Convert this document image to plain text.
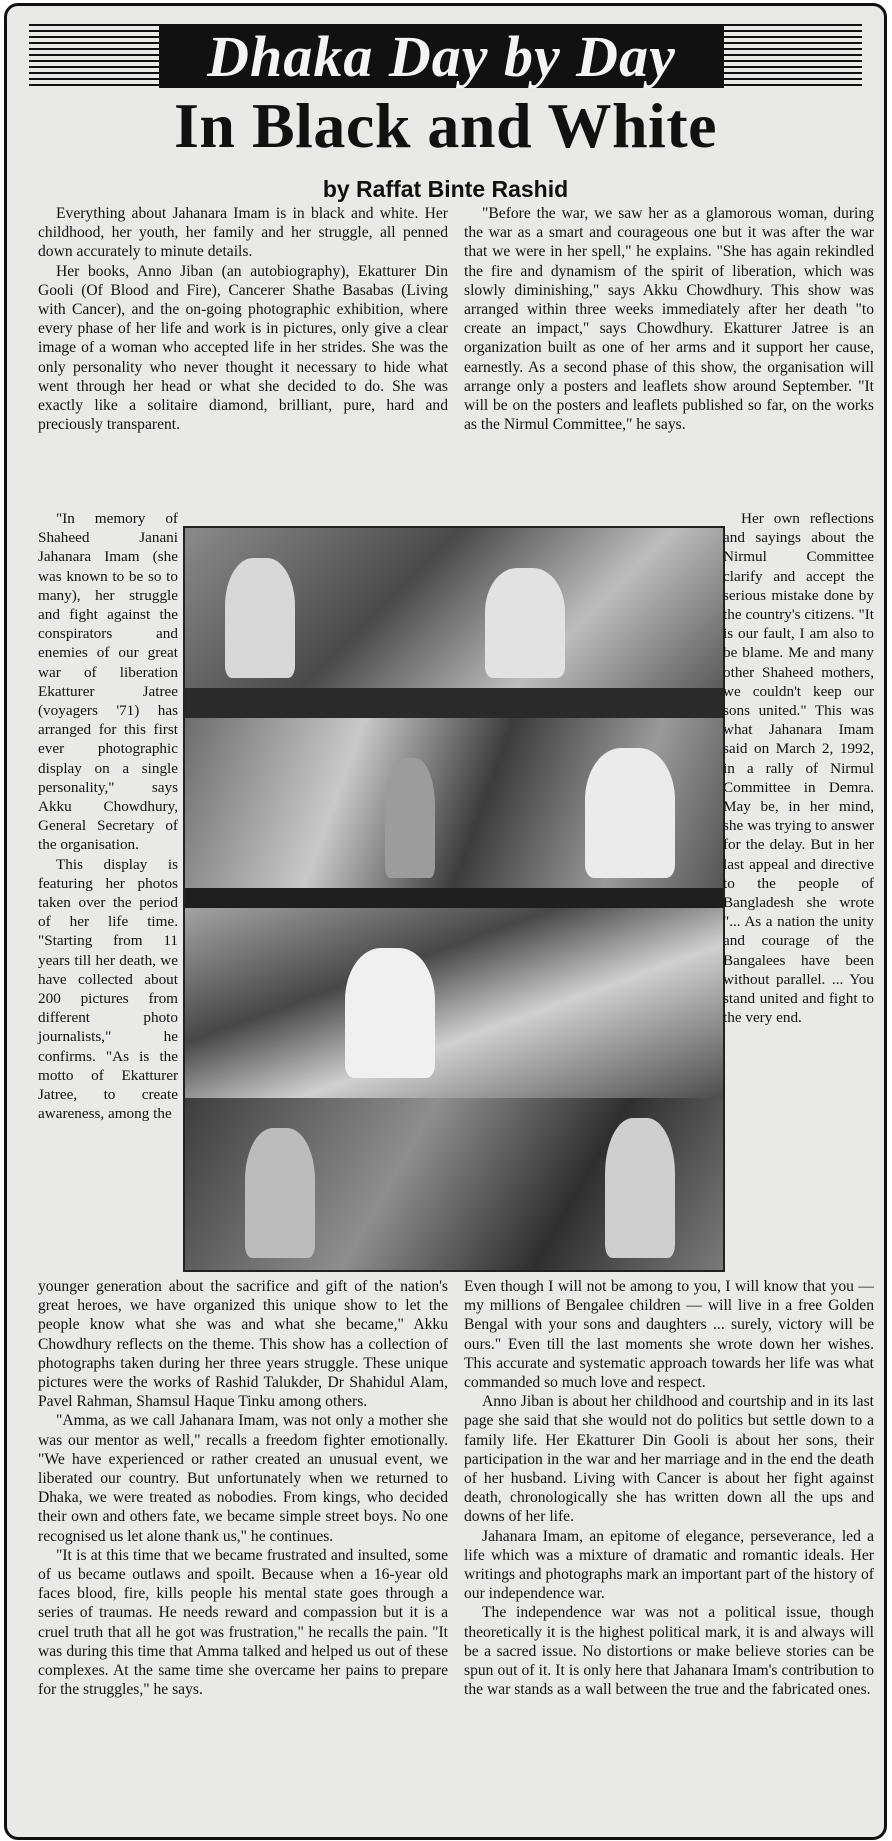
Dhaka Day by Day
In Black and White
by Raffat Binte Rashid

Everything about Jahanara Imam is in black and white. Her childhood, her youth, her family and her struggle, all penned down accurately to minute details.

Her books, Anno Jiban (an autobiography), Ekatturer Din Gooli (Of Blood and Fire), Cancerer Shathe Basabas (Living with Cancer), and the on-going photographic exhibition, where every phase of her life and work is in pictures, only give a clear image of a woman who accepted life in her strides. She was the only personality who never thought it necessary to hide what went through her head or what she decided to do. She was exactly like a solitaire diamond, brilliant, pure, hard and preciously transparent.

"Before the war, we saw her as a glamorous woman, during the war as a smart and courageous one but it was after the war that we were in her spell," he explains. "She has again rekindled the fire and dynamism of the spirit of liberation, which was slowly diminishing," says Akku Chowdhury. This show was arranged within three weeks immediately after her death "to create an impact," says Chowdhury. Ekatturer Jatree is an organization built as one of her arms and it support her cause, earnestly. As a second phase of this show, the organisation will arrange only a posters and leaflets show around September. "It will be on the posters and leaflets published so far, on the works as the Nirmul Committee," he says.

"In memory of Shaheed Janani Jahanara Imam (she was known to be so to many), her struggle and fight against the conspirators and enemies of our great war of liberation Ekatturer Jatree (voyagers '71) has arranged for this first ever photographic display on a single personality," says Akku Chowdhury, General Secretary of the organisation.

This display is featuring her photos taken over the period of her life time. "Starting from 11 years till her death, we have collected about 200 pictures from different photo journalists," he confirms. "As is the motto of Ekatturer Jatree, to create awareness, among the

Her own reflections and sayings about the Nirmul Committee clarify and accept the serious mistake done by the country's citizens. "It is our fault, I am also to be blame. Me and many other Shaheed mothers, we couldn't keep our sons united." This was what Jahanara Imam said on March 2, 1992, in a rally of Nirmul Committee in Demra. May be, in her mind, she was trying to answer for the delay. But in her last appeal and directive to the people of Bangladesh she wrote "... As a nation the unity and courage of the Bangalees have been without parallel. ... You stand united and fight to the very end.

younger generation about the sacrifice and gift of the nation's great heroes, we have organized this unique show to let the people know what she was and what she became," Akku Chowdhury reflects on the theme. This show has a collection of photographs taken during her three years struggle. These unique pictures were the works of Rashid Talukder, Dr Shahidul Alam, Pavel Rahman, Shamsul Haque Tinku among others.

"Amma, as we call Jahanara Imam, was not only a mother she was our mentor as well," recalls a freedom fighter emotionally. "We have experienced or rather created an unusual event, we liberated our country. But unfortunately when we returned to Dhaka, we were treated as nobodies. From kings, who decided their own and others fate, we became simple street boys. No one recognised us let alone thank us," he continues.

"It is at this time that we became frustrated and insulted, some of us became outlaws and spoilt. Because when a 16-year old faces blood, fire, kills people his mental state goes through a series of traumas. He needs reward and compassion but it is a cruel truth that all he got was frustration," he recalls the pain. "It was during this time that Amma talked and helped us out of these complexes. At the same time she overcame her pains to prepare for the struggles," he says.

Even though I will not be among to you, I will know that you — my millions of Bengalee children — will live in a free Golden Bengal with your sons and daughters ... surely, victory will be ours." Even till the last moments she wrote down her wishes. This accurate and systematic approach towards her life was what commanded so much love and respect.

Anno Jiban is about her childhood and courtship and in its last page she said that she would not do politics but settle down to a family life. Her Ekatturer Din Gooli is about her sons, their participation in the war and her marriage and in the end the death of her husband. Living with Cancer is about her fight against death, chronologically she has written down all the ups and downs of her life.

Jahanara Imam, an epitome of elegance, perseverance, led a life which was a mixture of dramatic and romantic ideals. Her writings and photographs mark an important part of the history of our independence war.

The independence war was not a political issue, though theoretically it is the highest political mark, it is and always will be a sacred issue. No distortions or make believe stories can be spun out of it. It is only here that Jahanara Imam's contribution to the war stands as a wall between the true and the fabricated ones.
